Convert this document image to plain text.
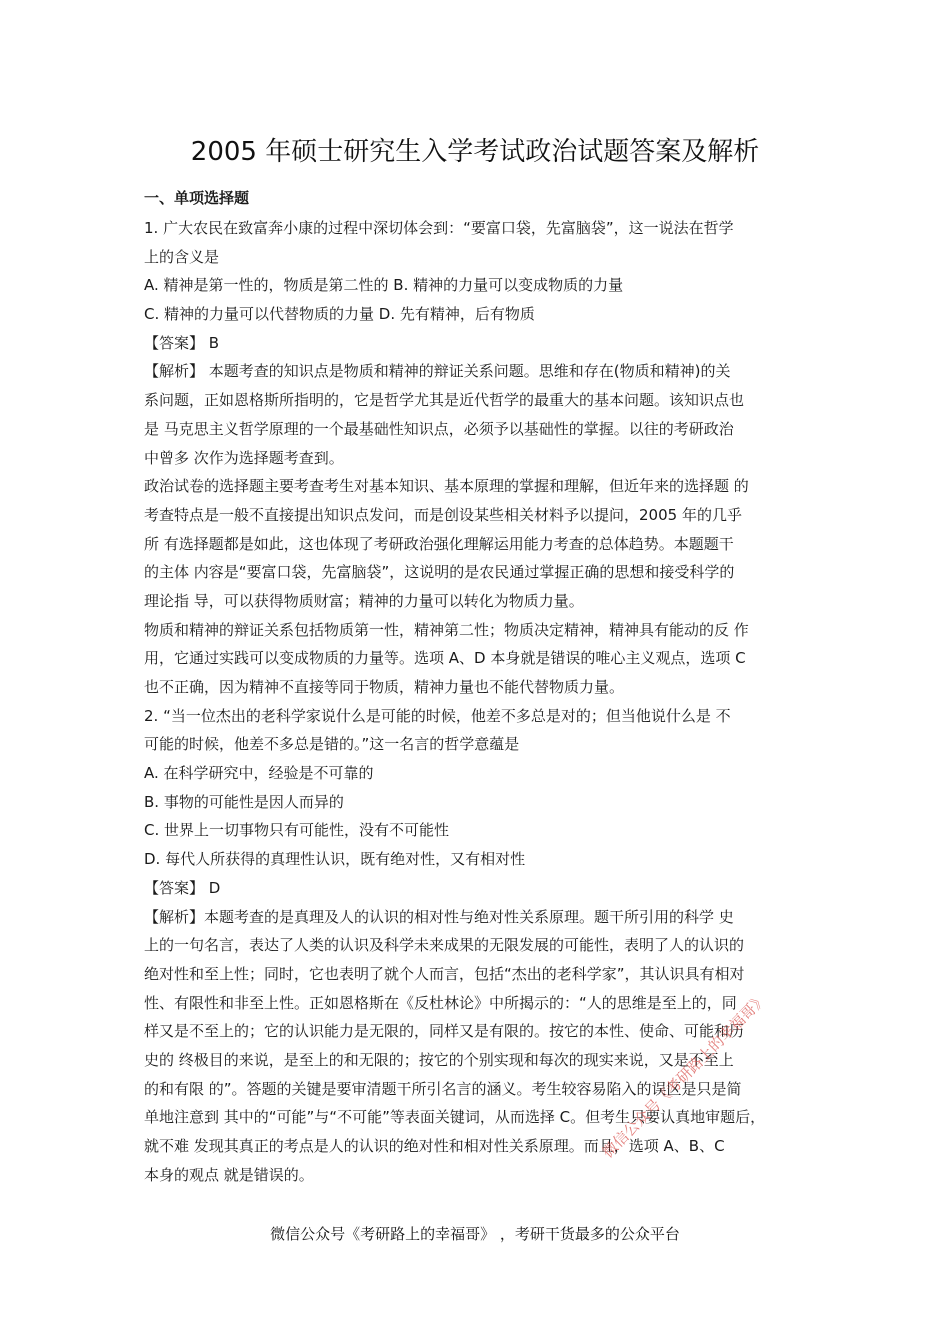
2005 年硕士研究生入学考试政治试题答案及解析
一、单项选择题
1. 广大农民在致富奔小康的过程中深切体会到：“要富口袋，先富脑袋”，这一说法在哲学
上的含义是
A. 精神是第一性的，物质是第二性的 B. 精神的力量可以变成物质的力量
C. 精神的力量可以代替物质的力量 D. 先有精神，后有物质
【答案】 B
【解析】 本题考查的知识点是物质和精神的辩证关系问题。思维和存在(物质和精神)的关
系问题，正如恩格斯所指明的，它是哲学尤其是近代哲学的最重大的基本问题。该知识点也
是 马克思主义哲学原理的一个最基础性知识点，必须予以基础性的掌握。以往的考研政治
中曾多 次作为选择题考查到。
政治试卷的选择题主要考查考生对基本知识、基本原理的掌握和理解，但近年来的选择题 的
考查特点是一般不直接提出知识点发问，而是创设某些相关材料予以提问，2005 年的几乎
所 有选择题都是如此，这也体现了考研政治强化理解运用能力考查的总体趋势。本题题干
的主体 内容是“要富口袋，先富脑袋”，这说明的是农民通过掌握正确的思想和接受科学的
理论指 导，可以获得物质财富；精神的力量可以转化为物质力量。
物质和精神的辩证关系包括物质第一性，精神第二性；物质决定精神，精神具有能动的反 作
用，它通过实践可以变成物质的力量等。选项 A、D 本身就是错误的唯心主义观点，选项 C
也不正确，因为精神不直接等同于物质，精神力量也不能代替物质力量。
2. “当一位杰出的老科学家说什么是可能的时候，他差不多总是对的；但当他说什么是 不
可能的时候，他差不多总是错的。”这一名言的哲学意蕴是
A. 在科学研究中，经验是不可靠的
B. 事物的可能性是因人而异的
C. 世界上一切事物只有可能性，没有不可能性
D. 每代人所获得的真理性认识，既有绝对性，又有相对性
【答案】 D
【解析】本题考查的是真理及人的认识的相对性与绝对性关系原理。题干所引用的科学 史
上的一句名言，表达了人类的认识及科学未来成果的无限发展的可能性，表明了人的认识的
绝对性和至上性；同时，它也表明了就个人而言，包括“杰出的老科学家”，其认识具有相对
性、有限性和非至上性。正如恩格斯在《反杜林论》中所揭示的：“人的思维是至上的，同
样又是不至上的；它的认识能力是无限的，同样又是有限的。按它的本性、使命、可能和历
史的 终极目的来说，是至上的和无限的；按它的个别实现和每次的现实来说，又是不至上
的和有限 的”。答题的关键是要审清题干所引名言的涵义。考生较容易陷入的误区是只是简
单地注意到 其中的“可能”与“不可能”等表面关键词，从而选择 C。但考生只要认真地审题后，
就不难 发现其真正的考点是人的认识的绝对性和相对性关系原理。而且，选项 A、B、C
本身的观点 就是错误的。
微信公众号《考研路上的幸福哥》
微信公众号《考研路上的幸福哥》 ，考研干货最多的公众平台
